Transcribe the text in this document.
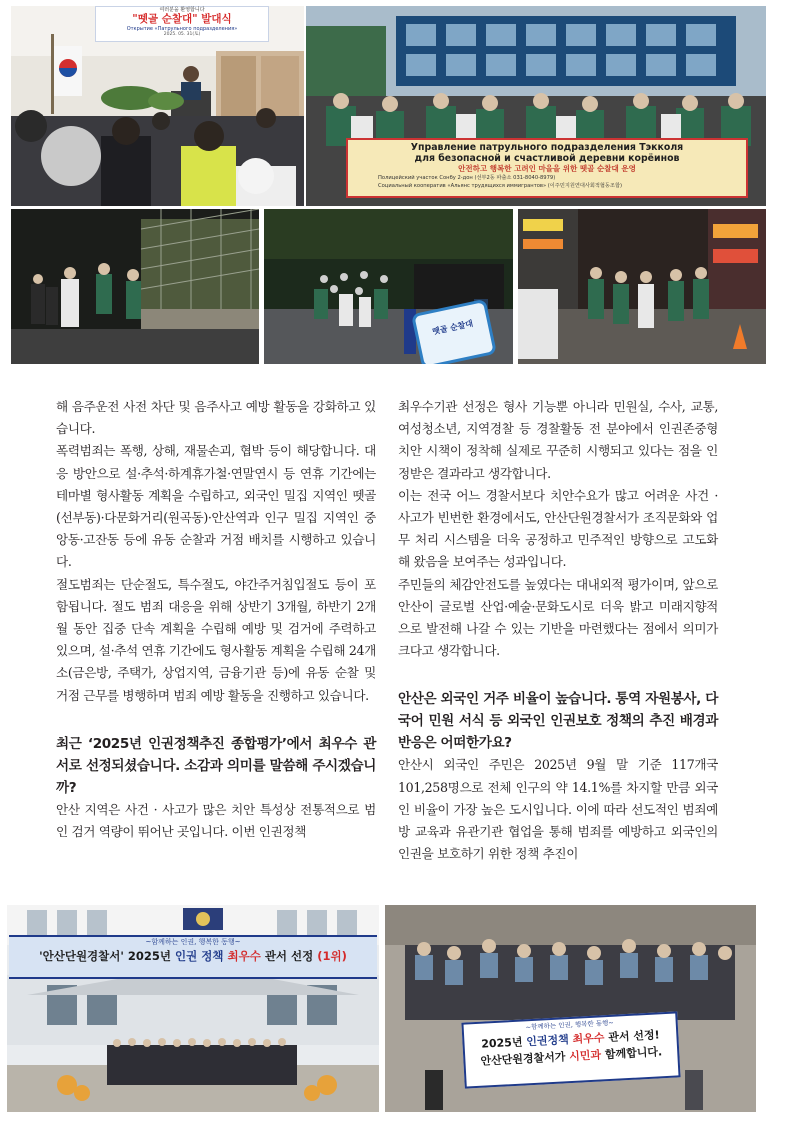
여러분을 환영합니다
"뗏골 순찰대" 발대식
Открытие «Патрульного подразделения»
2025. 05. 31(토)
Управление патрульного подразделения Тэкколя
для безопасной и счастливой деревни корёинов
안전하고 행복한 고려인 마을을 위한 뗏골 순찰대 운영
Полицейский участок Сонбу 2-дон (선부2동 파출소 031-8040-8979)
Социальный кооператив «Альянс трудящихся иммигрантов» (이주민지원연대사회적협동조합)
뗏골 순찰대

해 음주운전 사전 차단 및 음주사고 예방 활동을 강화하고 있습니다.

폭력범죄는 폭행, 상해, 재물손괴, 협박 등이 해당합니다. 대응 방안으로 설·추석·하계휴가철·연말연시 등 연휴 기간에는 테마별 형사활동 계획을 수립하고, 외국인 밀집 지역인 뗏골(선부동)·다문화거리(원곡동)·안산역과 인구 밀집 지역인 중앙동·고잔동 등에 유동 순찰과 거점 배치를 시행하고 있습니다.

절도범죄는 단순절도, 특수절도, 야간주거침입절도 등이 포함됩니다. 절도 범죄 대응을 위해 상반기 3개월, 하반기 2개월 동안 집중 단속 계획을 수립해 예방 및 검거에 주력하고 있으며, 설·추석 연휴 기간에도 형사활동 계획을 수립해 24개소(금은방, 주택가, 상업지역, 금융기관 등)에 유동 순찰 및 거점 근무를 병행하며 범죄 예방 활동을 진행하고 있습니다.

최근 ‘2025년 인권정책추진 종합평가’에서 최우수 관서로 선정되셨습니다. 소감과 의미를 말씀해 주시겠습니까?

안산 지역은 사건 · 사고가 많은 치안 특성상 전통적으로 범인 검거 역량이 뛰어난 곳입니다. 이번 인권정책

최우수기관 선정은 형사 기능뿐 아니라 민원실, 수사, 교통, 여성청소년, 지역경찰 등 경찰활동 전 분야에서 인권존중형 치안 시책이 정착해 실제로 꾸준히 시행되고 있다는 점을 인정받은 결과라고 생각합니다.

이는 전국 어느 경찰서보다 치안수요가 많고 어려운 사건 · 사고가 빈번한 환경에서도, 안산단원경찰서가 조직문화와 업무 처리 시스템을 더욱 공정하고 민주적인 방향으로 고도화해 왔음을 보여주는 성과입니다.

주민들의 체감안전도를 높였다는 대내외적 평가이며, 앞으로 안산이 글로벌 산업·예술·문화도시로 더욱 밝고 미래지향적으로 발전해 나갈 수 있는 기반을 마련했다는 점에서 의미가 크다고 생각합니다.

안산은 외국인 거주 비율이 높습니다. 통역 자원봉사, 다국어 민원 서식 등 외국인 인권보호 정책의 추진 배경과 반응은 어떠한가요?

안산시 외국인 주민은 2025년 9월 말 기준 117개국 101,258명으로 전체 인구의 약 14.1%를 차지할 만큼 외국인 비율이 가장 높은 도시입니다. 이에 따라 선도적인 범죄예방 교육과 유관기관 협업을 통해 범죄를 예방하고 외국인의 인권을 보호하기 위한 정책 추진이

~함께하는 인권, 행복한 동행~
'안산단원경찰서' 2025년 인권 정책 최우수 관서 선정 (1위)
~함께하는 인권, 행복한 동행~
2025년 인권정책 최우수 관서 선정!
안산단원경찰서가 시민과 함께합니다.
